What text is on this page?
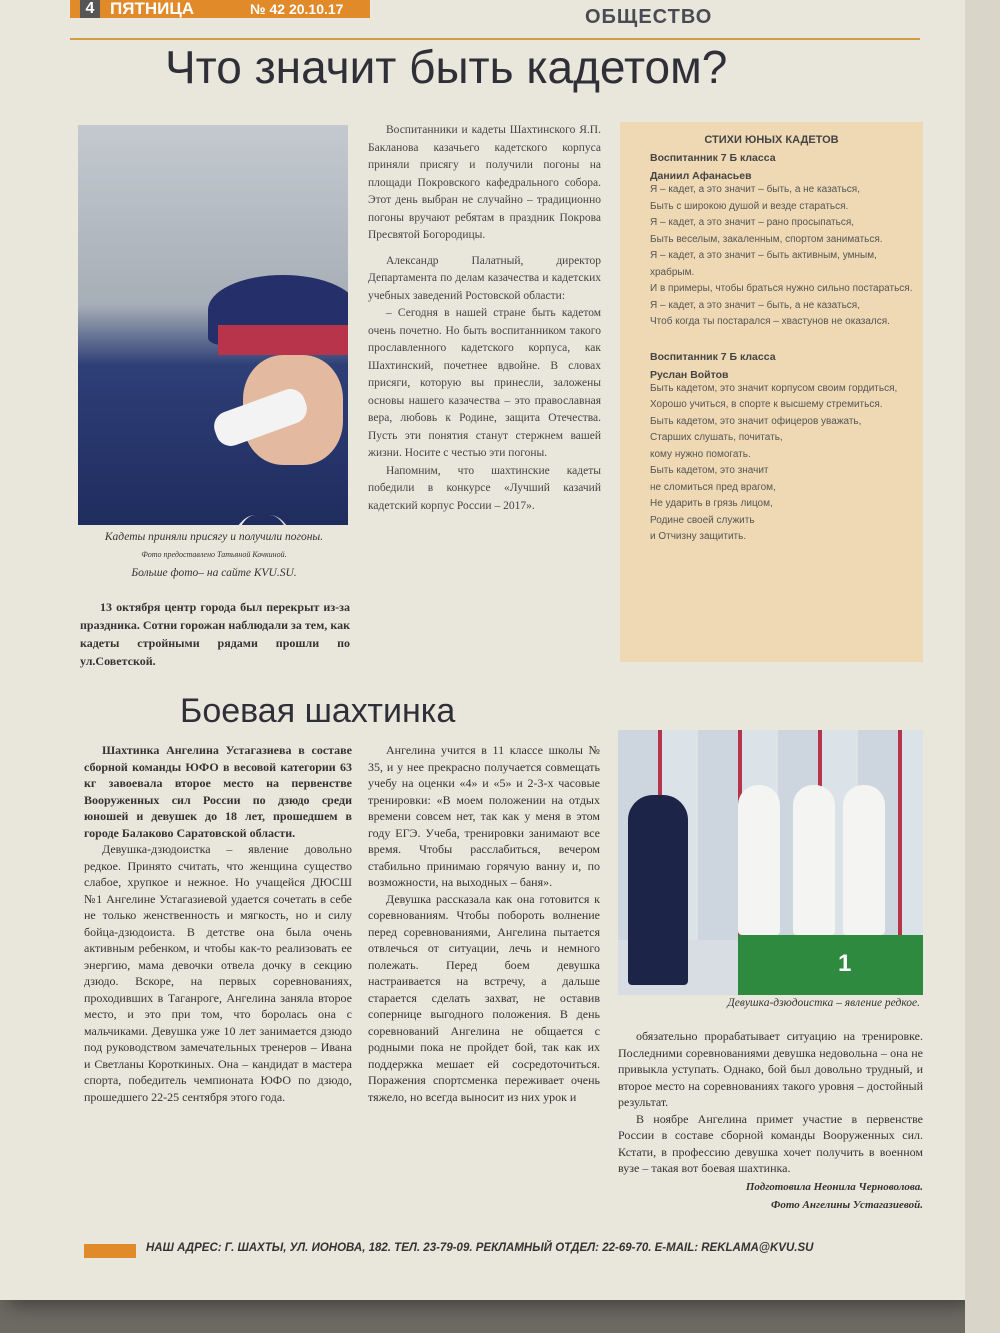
4 ПЯТНИЦА	№ 42 20.10.17	ОБЩЕСТВО
Что значит быть кадетом?
Кадеты приняли присягу и получили погоны.
Фото предоставлено Татьяной Кочкиной.
Больше фото– на сайте KVU.SU.
13 октября центр города был перекрыт из-за праздника. Сотни горожан наблюдали за тем, как кадеты стройными рядами прошли по ул.Советской.

Воспитанники и кадеты Шахтинского Я.П. Бакланова казачьего кадетского корпуса приняли присягу и получили погоны на площади Покровского кафедрального собора. Этот день выбран не случайно – традиционно погоны вручают ребятам в праздник Покрова Пресвятой Богородицы.

Александр Палатный, директор Департамента по делам казачества и кадетских учебных заведений Ростовской области:

– Сегодня в нашей стране быть кадетом очень почетно. Но быть воспитанником такого прославленного кадетского корпуса, как Шахтинский, почетнее вдвойне. В словах присяги, которую вы принесли, заложены основы нашего казачества – это православная вера, любовь к Родине, защита Отечества. Пусть эти понятия станут стержнем вашей жизни. Носите с честью эти погоны.

Напомним, что шахтинские кадеты победили в конкурсе «Лучший казачий кадетский корпус России – 2017».

СТИХИ ЮНЫХ КАДЕТОВ
Воспитанник 7 Б класса
Даниил Афанасьев
Я – кадет, а это значит – быть, а не казаться,
Быть с широкою душой и везде стараться.
Я – кадет, а это значит – рано просыпаться,
Быть веселым, закаленным, спортом заниматься.
Я – кадет, а это значит – быть активным, умным, храбрым.
И в примеры, чтобы браться нужно сильно постараться.
Я – кадет, а это значит – быть, а не казаться,
Чтоб когда ты постарался – хвастунов не оказался.
Воспитанник 7 Б класса
Руслан Войтов
Быть кадетом, это значит корпусом своим гордиться,
Хорошо учиться, в спорте к высшему стремиться.
Быть кадетом, это значит офицеров уважать,
Старших слушать, почитать,
кому нужно помогать.
Быть кадетом, это значит
не сломиться пред врагом,
Не ударить в грязь лицом,
Родине своей служить
и Отчизну защитить.
Боевая шахтинка

Шахтинка Ангелина Устагазиева в составе сборной команды ЮФО в весовой категории 63 кг завоевала второе место на первенстве Вооруженных сил России по дзюдо среди юношей и девушек до 18 лет, прошедшем в городе Балаково Саратовской области.

Девушка-дзюдоистка – явление довольно редкое. Принято считать, что женщина существо слабое, хрупкое и нежное. Но учащейся ДЮСШ №1 Ангелине Устагазиевой удается сочетать в себе не только женственность и мягкость, но и силу бойца-дзюдоиста. В детстве она была очень активным ребенком, и чтобы как-то реализовать ее энергию, мама девочки отвела дочку в секцию дзюдо. Вскоре, на первых соревнованиях, проходивших в Таганроге, Ангелина заняла второе место, и это при том, что боролась она с мальчиками. Девушка уже 10 лет занимается дзюдо под руководством замечательных тренеров – Ивана и Светланы Короткиных. Она – кандидат в мастера спорта, победитель чемпионата ЮФО по дзюдо, прошедшего 22-25 сентября этого года.

Ангелина учится в 11 классе школы № 35, и у нее прекрасно получается совмещать учебу на оценки «4» и «5» и 2-3-х часовые тренировки: «В моем положении на отдых времени совсем нет, так как у меня в этом году ЕГЭ. Учеба, тренировки занимают все время. Чтобы расслабиться, вечером стабильно принимаю горячую ванну и, по возможности, на выходных – баня».

Девушка рассказала как она готовится к соревнованиям. Чтобы побороть волнение перед соревнованиями, Ангелина пытается отвлечься от ситуации, лечь и немного полежать. Перед боем девушка настраивается на встречу, а дальше старается сделать захват, не оставив сопернице выгодного положения. В день соревнований Ангелина не общается с родными пока не пройдет бой, так как их поддержка мешает ей сосредоточиться. Поражения спортсменка переживает очень тяжело, но всегда выносит из них урок и

1
Девушка-дзюдоистка – явление редкое.

обязательно прорабатывает ситуацию на тренировке. Последними соревнованиями девушка недовольна – она не привыкла уступать. Однако, бой был довольно трудный, и второе место на соревнованиях такого уровня – достойный результат.

В ноябре Ангелина примет участие в первенстве России в составе сборной команды Вооруженных сил. Кстати, в профессию девушка хочет получить в военном вузе – такая вот боевая шахтинка.

Подготовила Неонила Черноволова.
Фото Ангелины Устагазиевой.
НАШ АДРЕС: Г. ШАХТЫ, УЛ. ИОНОВА, 182. ТЕЛ. 23-79-09. РЕКЛАМНЫЙ ОТДЕЛ: 22-69-70. E-MAIL: REKLAMA@KVU.SU
